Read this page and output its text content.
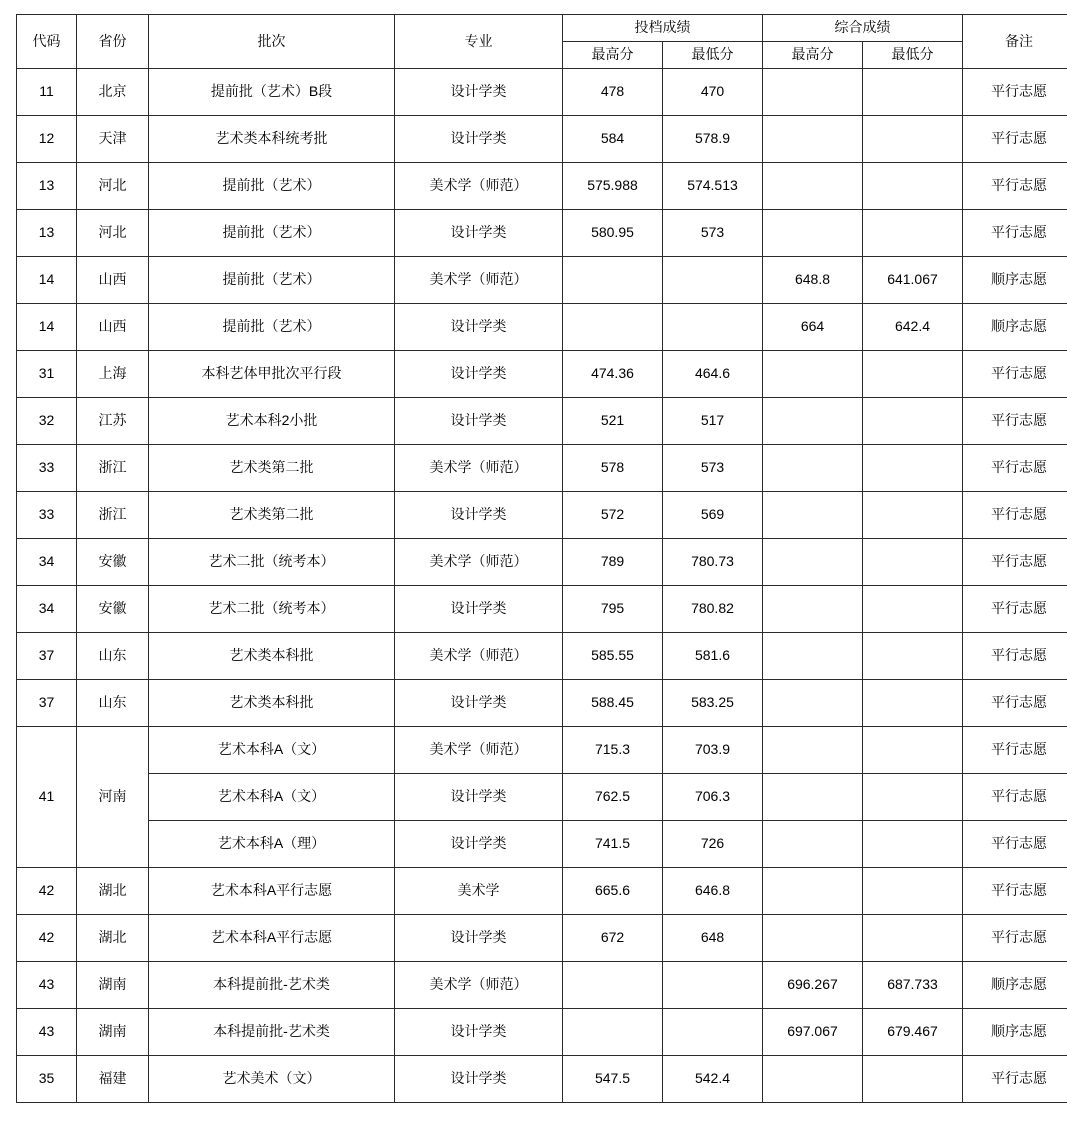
代码	省份	批次	专业	投档成绩		综合成绩		备注
				最高分	最低分	最高分	最低分	
11	北京	提前批（艺术）B段	设计学类	478	470			平行志愿
12	天津	艺术类本科统考批	设计学类	584	578.9			平行志愿
13	河北	提前批（艺术）	美术学（师范）	575.988	574.513			平行志愿
13	河北	提前批（艺术）	设计学类	580.95	573			平行志愿
14	山西	提前批（艺术）	美术学（师范）			648.8	641.067	顺序志愿
14	山西	提前批（艺术）	设计学类			664	642.4	顺序志愿
31	上海	本科艺体甲批次平行段	设计学类	474.36	464.6			平行志愿
32	江苏	艺术本科2小批	设计学类	521	517			平行志愿
33	浙江	艺术类第二批	美术学（师范）	578	573			平行志愿
33	浙江	艺术类第二批	设计学类	572	569			平行志愿
34	安徽	艺术二批（统考本）	美术学（师范）	789	780.73			平行志愿
34	安徽	艺术二批（统考本）	设计学类	795	780.82			平行志愿
37	山东	艺术类本科批	美术学（师范）	585.55	581.6			平行志愿
37	山东	艺术类本科批	设计学类	588.45	583.25			平行志愿
41	河南	艺术本科A（文）	美术学（师范）	715.3	703.9			平行志愿
		艺术本科A（文）	设计学类	762.5	706.3			平行志愿
		艺术本科A（理）	设计学类	741.5	726			平行志愿
42	湖北	艺术本科A平行志愿	美术学	665.6	646.8			平行志愿
42	湖北	艺术本科A平行志愿	设计学类	672	648			平行志愿
43	湖南	本科提前批-艺术类	美术学（师范）			696.267	687.733	顺序志愿
43	湖南	本科提前批-艺术类	设计学类			697.067	679.467	顺序志愿
35	福建	艺术美术（文）	设计学类	547.5	542.4			平行志愿
